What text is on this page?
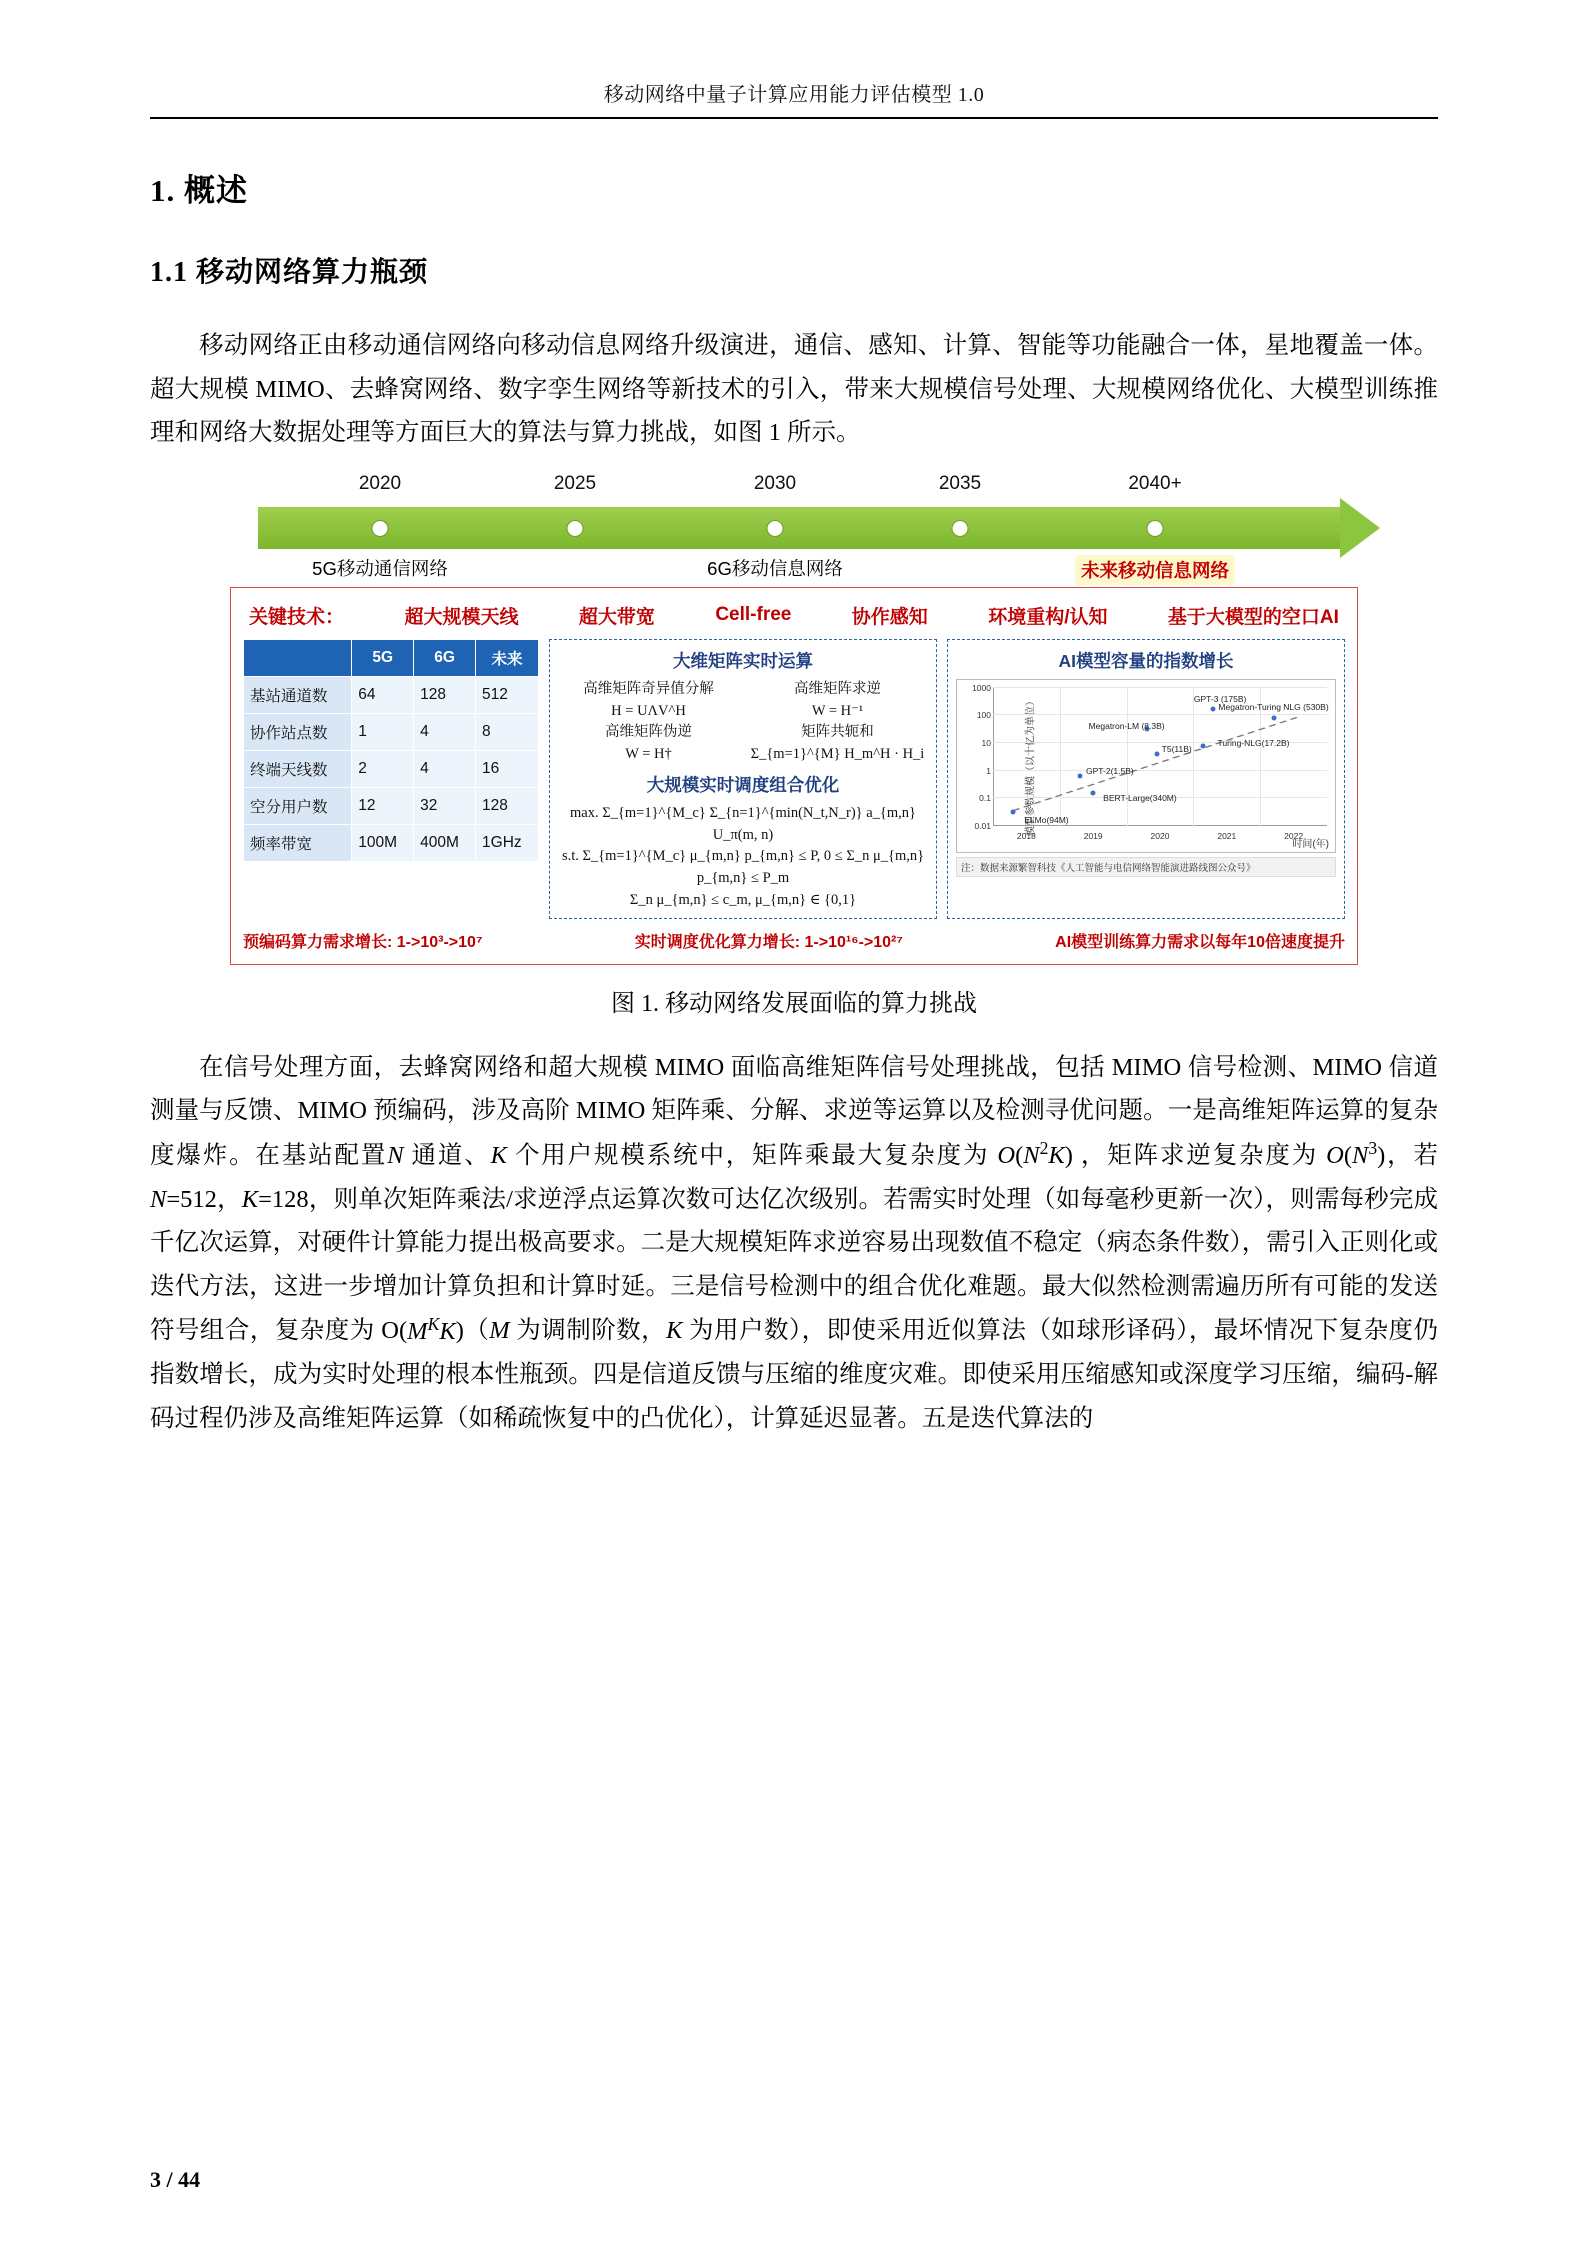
移动网络中量子计算应用能力评估模型 1.0
1. 概述
1.1 移动网络算力瓶颈

移动网络正由移动通信网络向移动信息网络升级演进，通信、感知、计算、智能等功能融合一体，星地覆盖一体。超大规模 MIMO、去蜂窝网络、数字孪生网络等新技术的引入，带来大规模信号处理、大规模网络优化、大模型训练推理和网络大数据处理等方面巨大的算法与算力挑战，如图 1 所示。

2020	2025	2030	2035	2040+
5G移动通信网络	6G移动信息网络	未来移动信息网络
关键技术：	超大规模天线	超大带宽	Cell-free	协作感知	环境重构/认知	基于大模型的空口AI
	5G	6G	未来
基站通道数	64	128	512
协作站点数	1	4	8
终端天线数	2	4	16
空分用户数	12	32	128
频率带宽	100M	400M	1GHz
大维矩阵实时运算
高维矩阵奇异值分解
H = UΛV^H
高维矩阵伪逆
W = H†
高维矩阵求逆
W = H⁻¹
矩阵共轭和
Σ_{m=1}^{M} H_m^H · H_i
大规模实时调度组合优化
max. Σ_{m=1}^{M_c} Σ_{n=1}^{min(N_t,N_r)} a_{m,n} U_π(m, n)
s.t. Σ_{m=1}^{M_c} μ_{m,n} p_{m,n} ≤ P, 0 ≤ Σ_n μ_{m,n} p_{m,n} ≤ P_m
Σ_n μ_{m,n} ≤ c_m, μ_{m,n} ∈ {0,1}
AI模型容量的指数增长
模型参数规模（以十亿为单位）
时间(年)
1000
100
10
1
0.1
0.01
2018	2019	2020	2021	2022
ELMo(94M)
GPT-2(1.5B)
BERT-Large(340M)
T5(11B)
Turing-NLG(17.2B)
Megatron-LM (8.3B)
GPT-3 (175B)
Megatron-Turing NLG (530B)
注：数据来源繁智科技《人工智能与电信网络智能演进路线图公众号》
预编码算力需求增长: 1->10³->10⁷	实时调度优化算力增长: 1->10¹⁶->10²⁷	AI模型训练算力需求以每年10倍速度提升
图 1. 移动网络发展面临的算力挑战

在信号处理方面，去蜂窝网络和超大规模 MIMO 面临高维矩阵信号处理挑战，包括 MIMO 信号检测、MIMO 信道测量与反馈、MIMO 预编码，涉及高阶 MIMO 矩阵乘、分解、求逆等运算以及检测寻优问题。一是高维矩阵运算的复杂度爆炸。在基站配置N 通道、K 个用户规模系统中，矩阵乘最大复杂度为 $O(N^2K)$ ，矩阵求逆复杂度为 $O(N^3)$，若 N=512，K=128，则单次矩阵乘法/求逆浮点运算次数可达亿次级别。若需实时处理（如每毫秒更新一次），则需每秒完成千亿次运算，对硬件计算能力提出极高要求。二是大规模矩阵求逆容易出现数值不稳定（病态条件数），需引入正则化或迭代方法，这进一步增加计算负担和计算时延。三是信号检测中的组合优化难题。最大似然检测需遍历所有可能的发送符号组合，复杂度为 $O(M^KK)(M$ 为调制阶数，K 为用户数），即使采用近似算法（如球形译码），最坏情况下复杂度仍指数增长，成为实时处理的根本性瓶颈。四是信道反馈与压缩的维度灾难。即使采用压缩感知或深度学习压缩，编码-解码过程仍涉及高维矩阵运算（如稀疏恢复中的凸优化），计算延迟显著。五是迭代算法的

3 / 44
